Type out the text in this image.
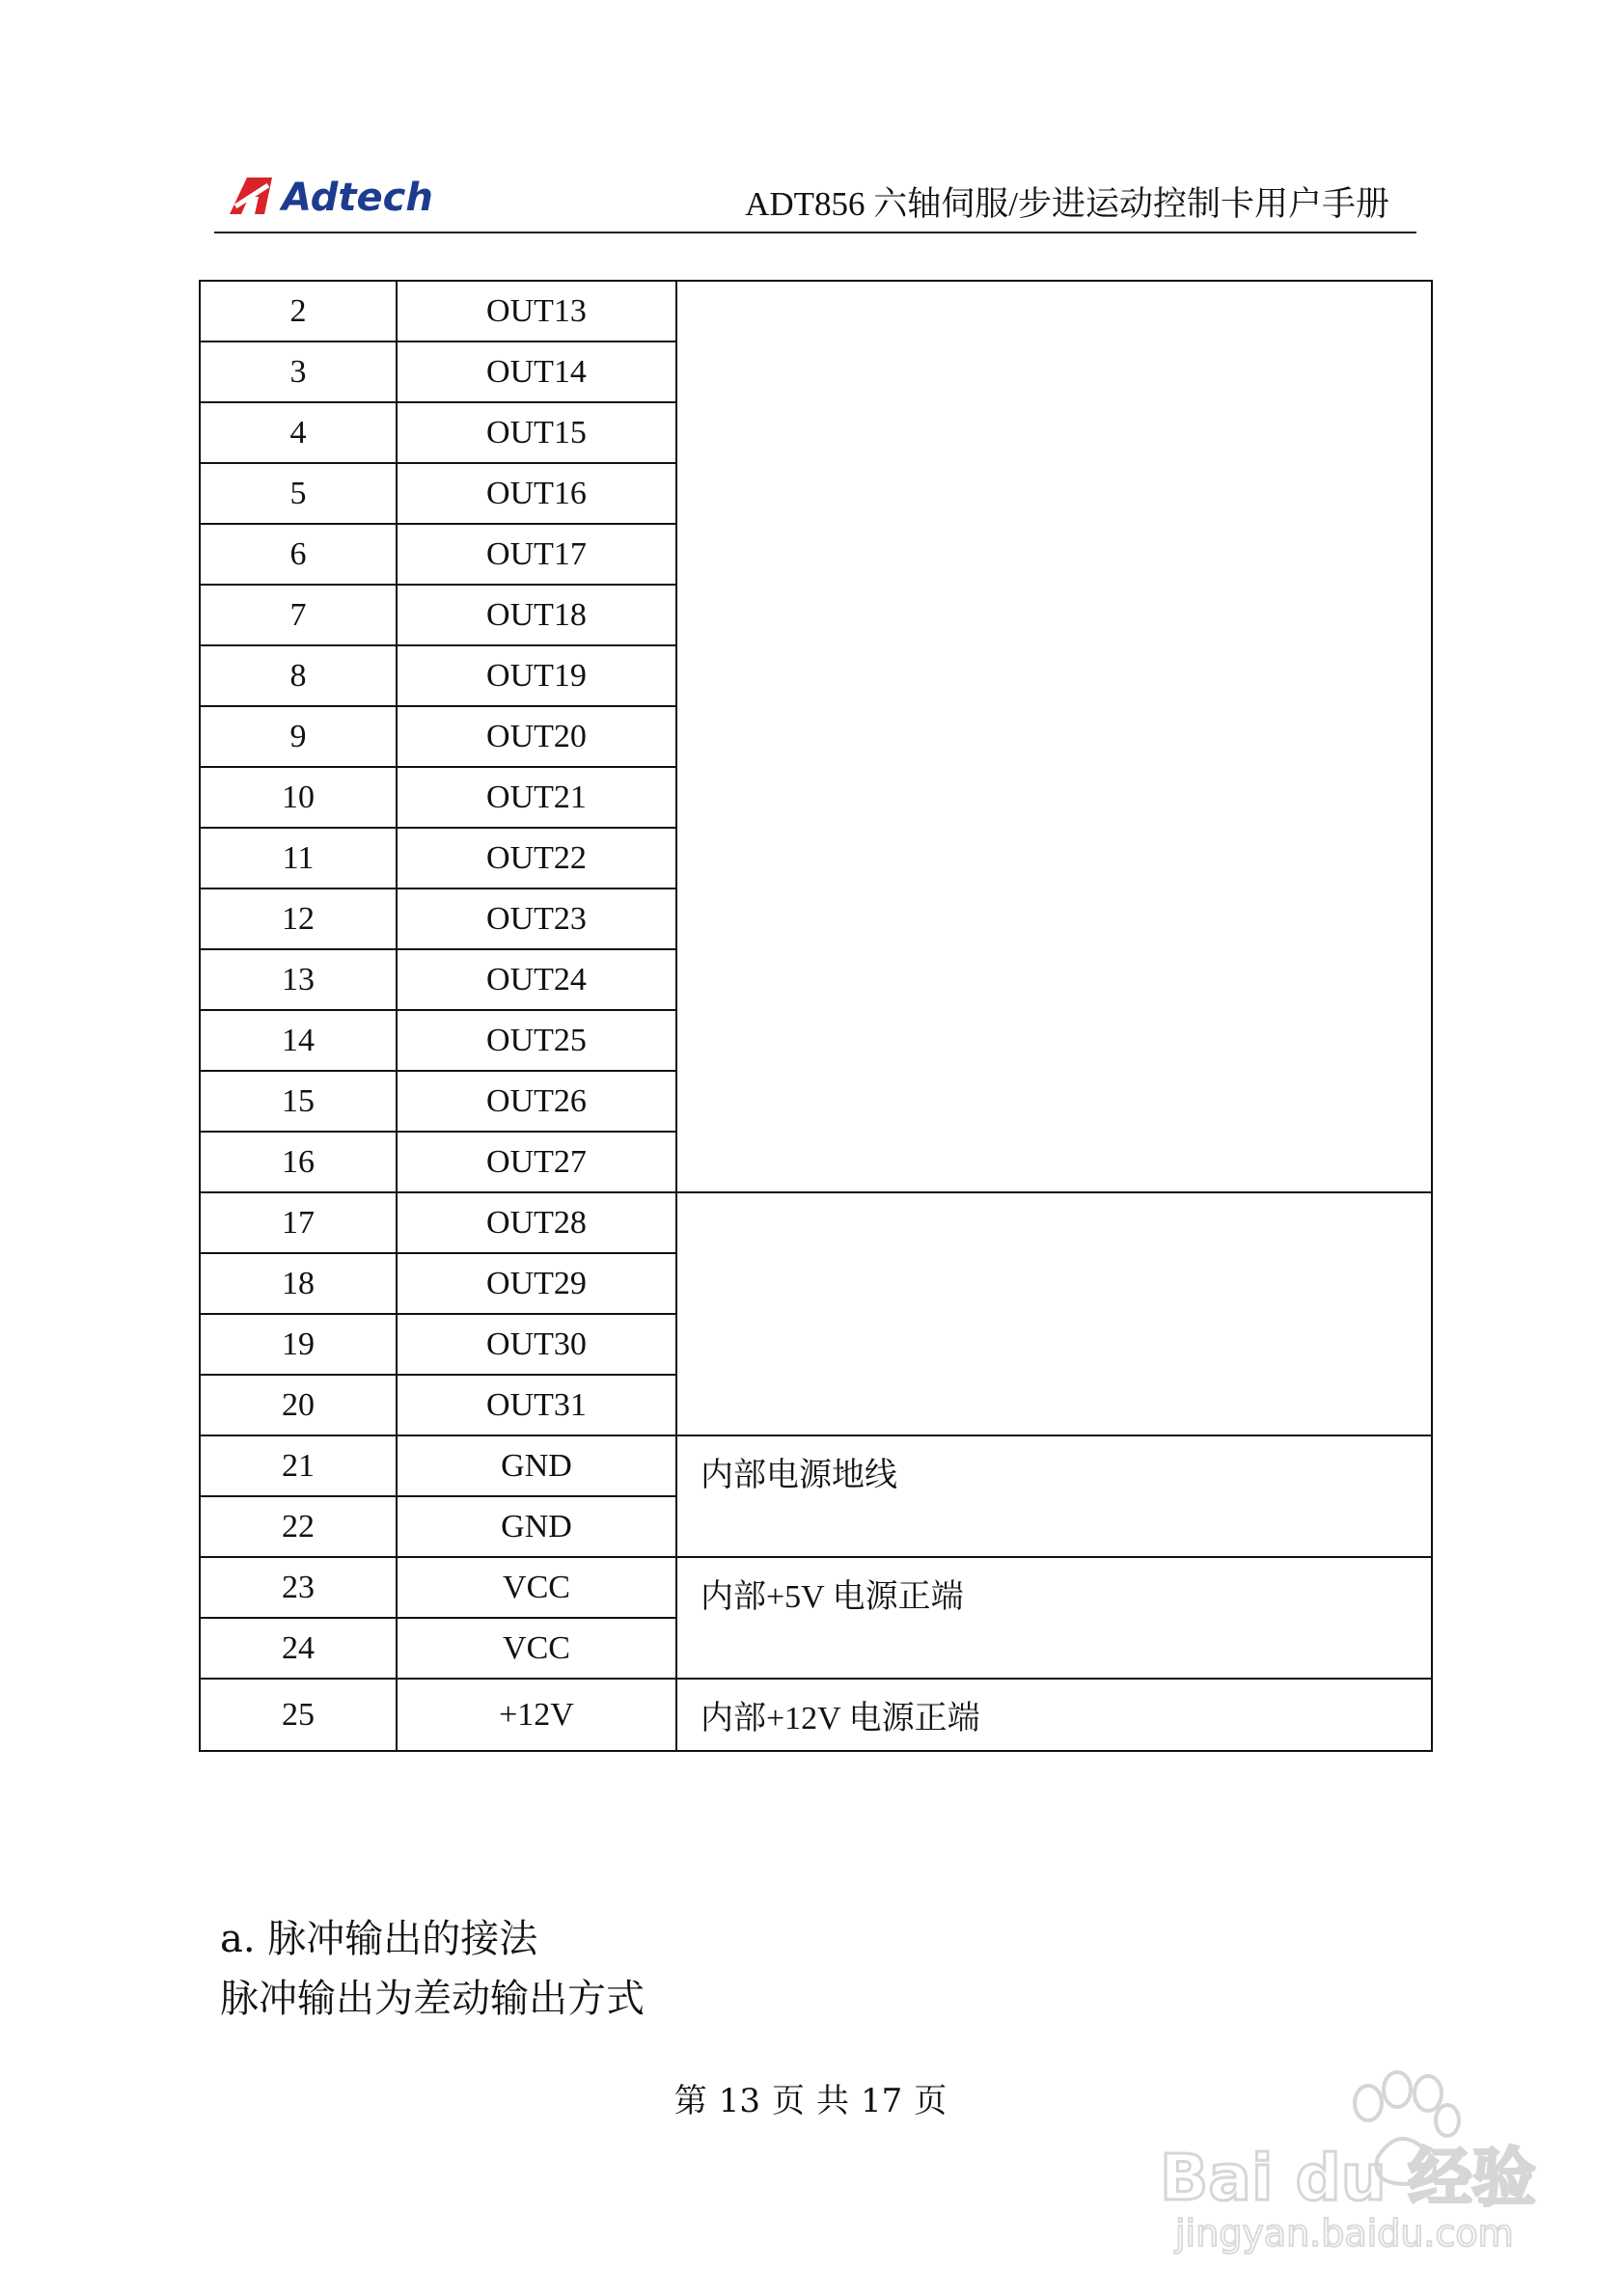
Adtech	ADT856 六轴伺服/步进运动控制卡用户手册
2	OUT13	
3	OUT14	
4	OUT15	
5	OUT16	
6	OUT17	
7	OUT18	
8	OUT19	
9	OUT20	
10	OUT21	
11	OUT22	
12	OUT23	
13	OUT24	
14	OUT25	
15	OUT26	
16	OUT27	
17	OUT28	
18	OUT29	
19	OUT30	
20	OUT31	
21	GND	内部电源地线
22	GND	
23	VCC	内部+5V 电源正端
24	VCC	
25	+12V	内部+12V 电源正端
a. 脉冲输出的接法
脉冲输出为差动输出方式
第 13 页 共 17 页
Bai du 经验
jingyan.baidu.com
